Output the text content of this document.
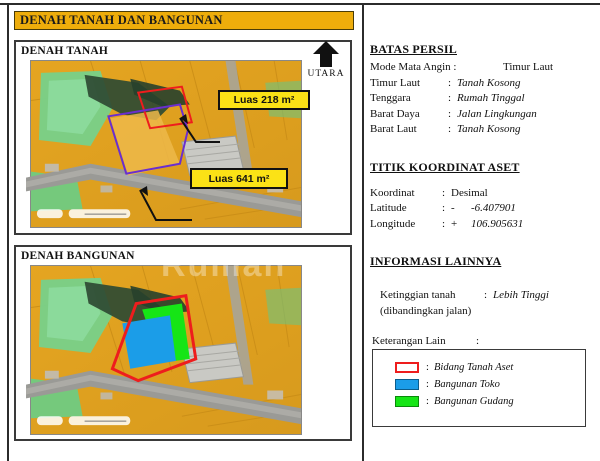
DENAH TANAH DAN BANGUNAN
DENAH TANAH
Rumah
Luas 218 m²
Luas 641 m²
UTARA
DENAH BANGUNAN
BATAS PERSIL
Mode Mata Angin :	Timur Laut
Timur Laut	: Tanah Kosong
Tenggara	: Rumah Tinggal
Barat Daya	: Jalan Lingkungan
Barat Laut	: Tanah Kosong
TITIK KOORDINAT ASET
Koordinat	: Desimal
Latitude	: -	-6.407901
Longitude	: +	106.905631
INFORMASI LAINNYA
Ketinggian tanah	: Lebih Tinggi
(dibandingkan jalan)
Keterangan Lain	:
: Bidang Tanah Aset
: Bangunan Toko
: Bangunan Gudang
